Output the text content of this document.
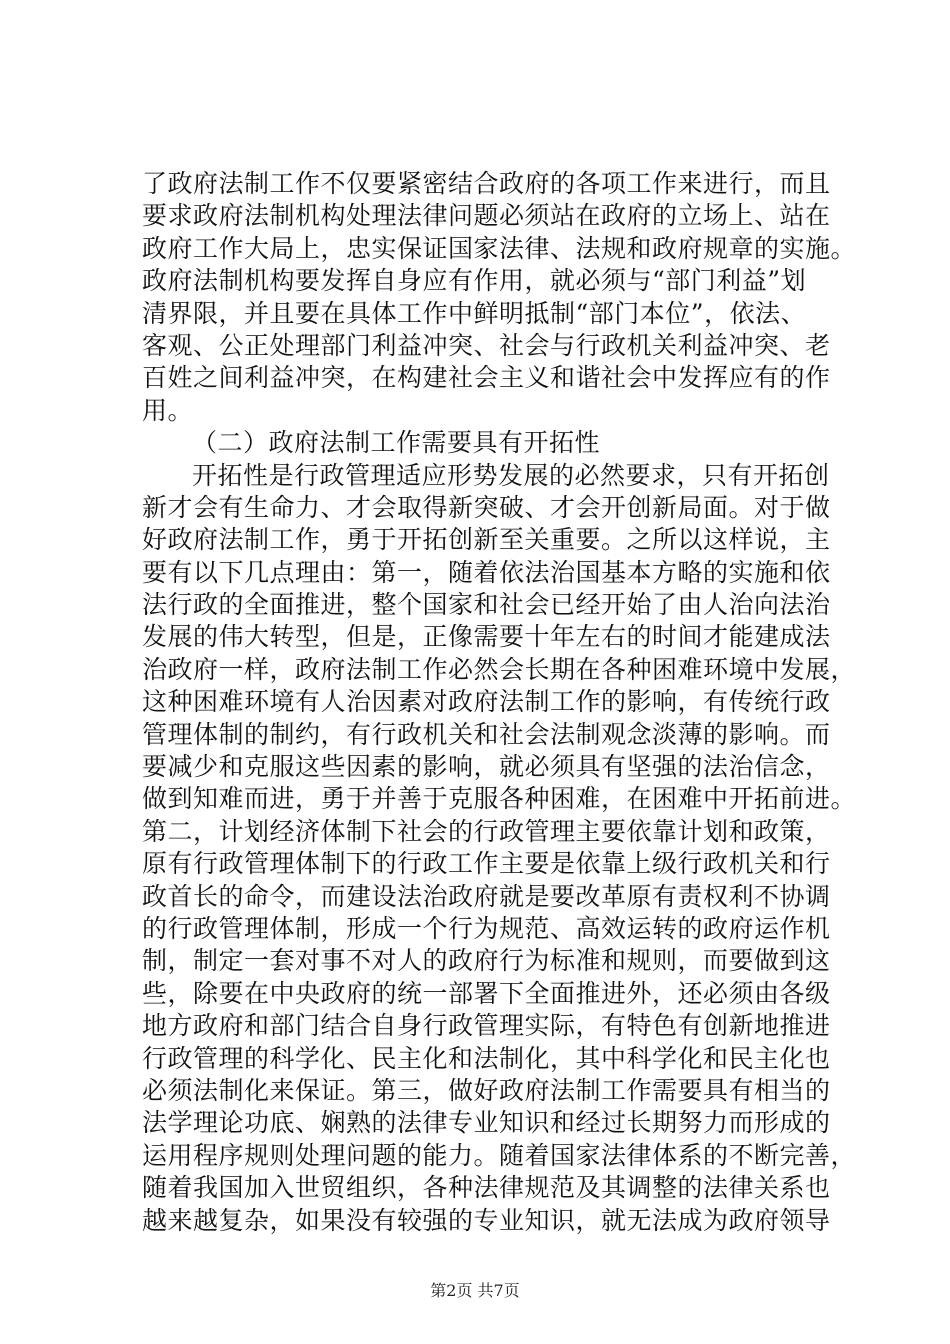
了政府法制工作不仅要紧密结合政府的各项工作来进行，而且
要求政府法制机构处理法律问题必须站在政府的立场上、站在
政府工作大局上，忠实保证国家法律、法规和政府规章的实施。
政府法制机构要发挥自身应有作用，就必须与“部门利益”划
清界限，并且要在具体工作中鲜明抵制“部门本位”，依法、
客观、公正处理部门利益冲突、社会与行政机关利益冲突、老
百姓之间利益冲突，在构建社会主义和谐社会中发挥应有的作
用。
（二）政府法制工作需要具有开拓性
开拓性是行政管理适应形势发展的必然要求，只有开拓创
新才会有生命力、才会取得新突破、才会开创新局面。对于做
好政府法制工作，勇于开拓创新至关重要。之所以这样说，主
要有以下几点理由：第一，随着依法治国基本方略的实施和依
法行政的全面推进，整个国家和社会已经开始了由人治向法治
发展的伟大转型，但是，正像需要十年左右的时间才能建成法
治政府一样，政府法制工作必然会长期在各种困难环境中发展，
这种困难环境有人治因素对政府法制工作的影响，有传统行政
管理体制的制约，有行政机关和社会法制观念淡薄的影响。而
要减少和克服这些因素的影响，就必须具有坚强的法治信念，
做到知难而进，勇于并善于克服各种困难，在困难中开拓前进。
第二，计划经济体制下社会的行政管理主要依靠计划和政策，
原有行政管理体制下的行政工作主要是依靠上级行政机关和行
政首长的命令，而建设法治政府就是要改革原有责权利不协调
的行政管理体制，形成一个行为规范、高效运转的政府运作机
制，制定一套对事不对人的政府行为标准和规则，而要做到这
些，除要在中央政府的统一部署下全面推进外，还必须由各级
地方政府和部门结合自身行政管理实际，有特色有创新地推进
行政管理的科学化、民主化和法制化，其中科学化和民主化也
必须法制化来保证。第三，做好政府法制工作需要具有相当的
法学理论功底、娴熟的法律专业知识和经过长期努力而形成的
运用程序规则处理问题的能力。随着国家法律体系的不断完善，
随着我国加入世贸组织，各种法律规范及其调整的法律关系也
越来越复杂，如果没有较强的专业知识，就无法成为政府领导
第2页 共7页
